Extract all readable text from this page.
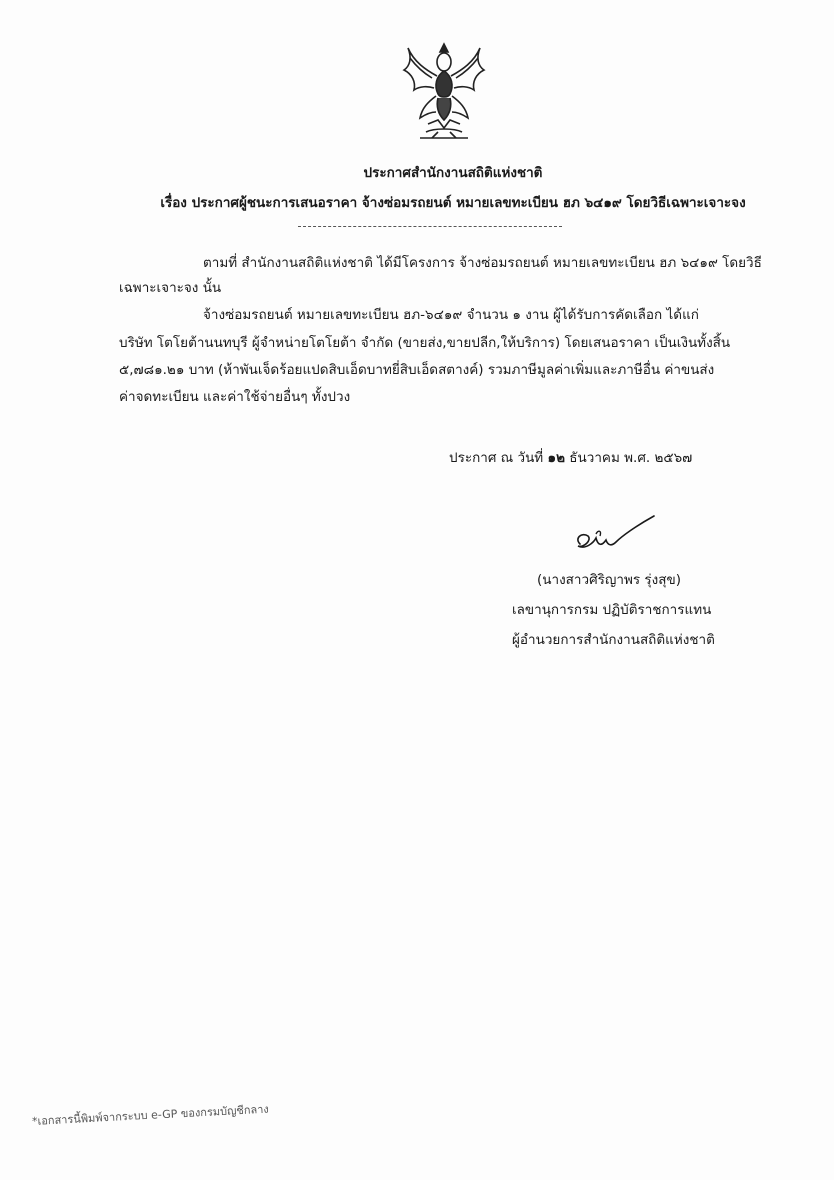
ประกาศสำนักงานสถิติแห่งชาติ
เรื่อง ประกาศผู้ชนะการเสนอราคา จ้างซ่อมรถยนต์ หมายเลขทะเบียน ฮภ ๖๔๑๙ โดยวิธีเฉพาะเจาะจง
ตามที่ สำนักงานสถิติแห่งชาติ ได้มีโครงการ จ้างซ่อมรถยนต์ หมายเลขทะเบียน ฮภ ๖๔๑๙ โดยวิธี
เฉพาะเจาะจง นั้น
จ้างซ่อมรถยนต์ หมายเลขทะเบียน ฮภ-๖๔๑๙ จำนวน ๑ งาน ผู้ได้รับการคัดเลือก ได้แก่
บริษัท โตโยต้านนทบุรี ผู้จำหน่ายโตโยต้า จำกัด (ขายส่ง,ขายปลีก,ให้บริการ) โดยเสนอราคา เป็นเงินทั้งสิ้น
๕,๗๘๑.๒๑ บาท (ห้าพันเจ็ดร้อยแปดสิบเอ็ดบาทยี่สิบเอ็ดสตางค์) รวมภาษีมูลค่าเพิ่มและภาษีอื่น ค่าขนส่ง
ค่าจดทะเบียน และค่าใช้จ่ายอื่นๆ ทั้งปวง
ประกาศ ณ วันที่ ๑๒ ธันวาคม พ.ศ. ๒๕๖๗
(นางสาวศิริญาพร รุ่งสุข)
เลขานุการกรม ปฏิบัติราชการแทน
ผู้อำนวยการสำนักงานสถิติแห่งชาติ
*เอกสารนี้พิมพ์จากระบบ e-GP ของกรมบัญชีกลาง
